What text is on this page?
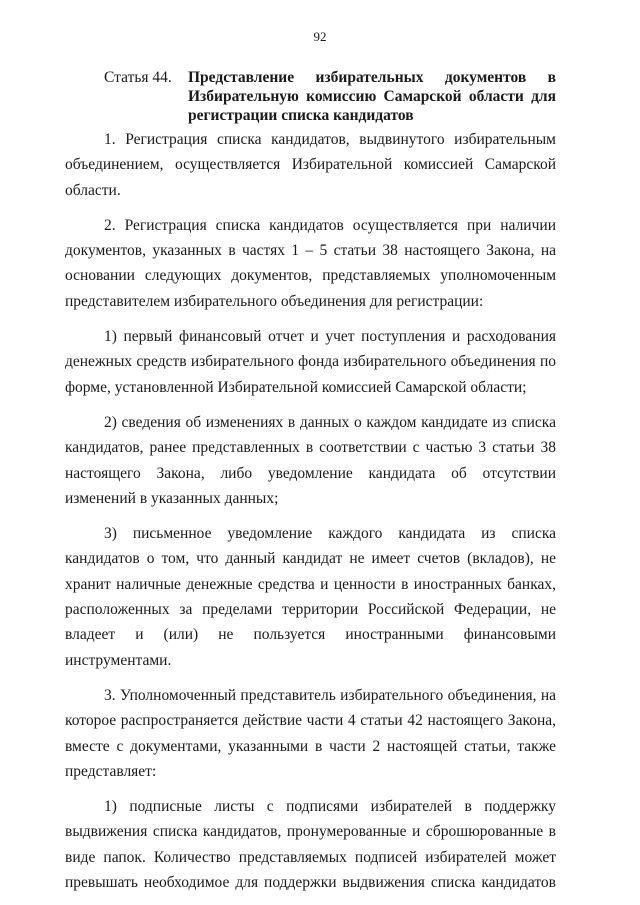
92
Статья 44.	Представление избирательных документов в Избирательную комиссию Самарской области для регистрации списка кандидатов

1. Регистрация списка кандидатов, выдвинутого избирательным объединением, осуществляется Избирательной комиссией Самарской области.

2. Регистрация списка кандидатов осуществляется при наличии документов, указанных в частях 1 – 5 статьи 38 настоящего Закона, на основании следующих документов, представляемых уполномоченным представителем избирательного объединения для регистрации:

1) первый финансовый отчет и учет поступления и расходования денежных средств избирательного фонда избирательного объединения по форме, установленной Избирательной комиссией Самарской области;

2) сведения об изменениях в данных о каждом кандидате из списка кандидатов, ранее представленных в соответствии с частью 3 статьи 38 настоящего Закона, либо уведомление кандидата об отсутствии изменений в указанных данных;

3) письменное уведомление каждого кандидата из списка кандидатов о том, что данный кандидат не имеет счетов (вкладов), не хранит наличные денежные средства и ценности в иностранных банках, расположенных за пределами территории Российской Федерации, не владеет и (или) не пользуется иностранными финансовыми инструментами.

3. Уполномоченный представитель избирательного объединения, на которое распространяется действие части 4 статьи 42 настоящего Закона, вместе с документами, указанными в части 2 настоящей статьи, также представляет:

1) подписные листы с подписями избирателей в поддержку выдвижения списка кандидатов, пронумерованные и сброшюрованные в виде папок. Количество представляемых подписей избирателей может превышать необходимое для поддержки выдвижения списка кандидатов
